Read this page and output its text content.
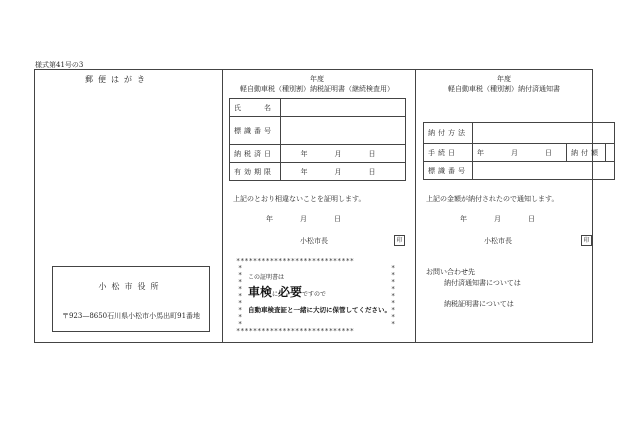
様式第41号の3
郵便はがき
小松市役所
〒923—8650石川県小松市小馬出町91番地
年度
軽自動車税（種別割）納税証明書（継続検査用）
氏　　名	
標識番号	
納税済日	年　月　日
有効期限	年　月　日
上記のとおり相違ないことを証明します。
年　月　日
小松市長	印
****************************
****************************
*
*
*
*
*
*
*
*
*
*
*
*
*
*
*
*
*
*
この証明書は
車検に必要ですので
自動車検査証と一緒に大切に保管してください。
年度
軽自動車税（種別割）納付済通知書
納付方法			
手続日	年　月　日	納付額	
標識番号			
上記の金額が納付されたので通知します。
年　月　日
小松市長	印
お問い合わせ先
納付済通知書については
納税証明書については
